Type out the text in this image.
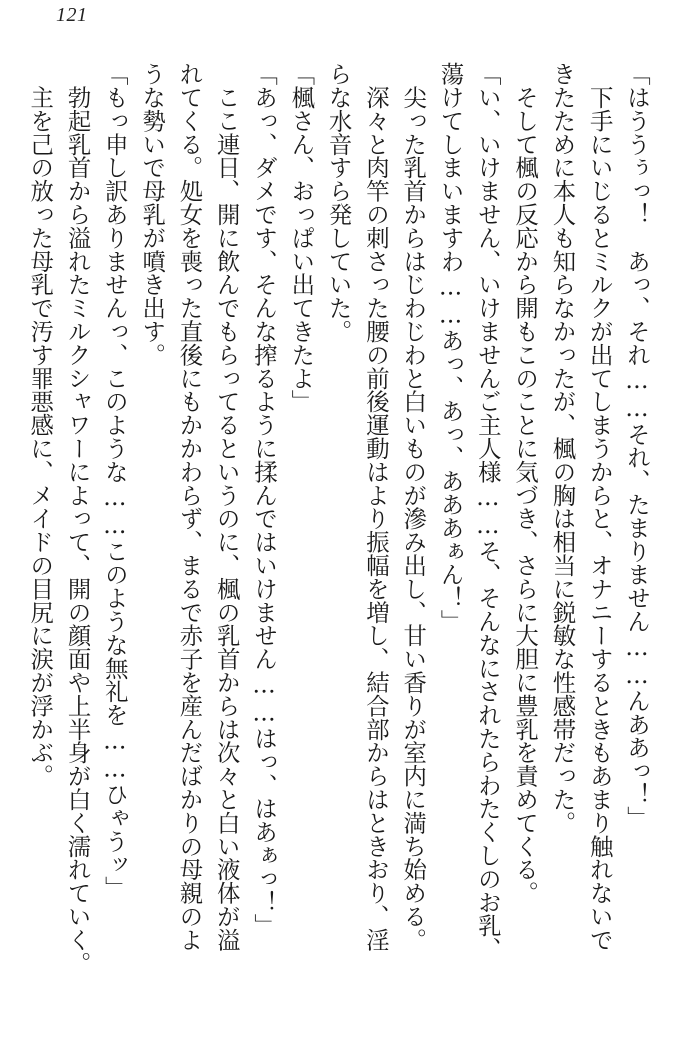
121
「はううぅっ！　あっ、それ……それ、たまりません……んああっ！」
　下手にいじるとミルクが出てしまうからと、オナニーするときもあまり触れないで
きたために本人も知らなかったが、楓の胸は相当に鋭敏な性感帯だった。
　そして楓の反応から開もこのことに気づき、さらに大胆に豊乳を責めてくる。
「い、いけません、いけませんご主人様……そ、そんなにされたらわたくしのお乳、
蕩けてしまいますわ……あっ、あっ、あああぁん！」
　尖った乳首からはじわじわと白いものが滲み出し、甘い香りが室内に満ち始める。
　深々と肉竿の刺さった腰の前後運動はより振幅を増し、結合部からはときおり、淫
らな水音すら発していた。
「楓さん、おっぱい出てきたよ」
「あっ、ダメです、そんな搾るように揉んではいけません……はっ、はあぁっ！」
　ここ連日、開に飲んでもらってるというのに、楓の乳首からは次々と白い液体が溢
れてくる。処女を喪った直後にもかかわらず、まるで赤子を産んだばかりの母親のよ
うな勢いで母乳が噴き出す。
「もっ申し訳ありませんっ、このような……このような無礼を……ひゃうッ」
　勃起乳首から溢れたミルクシャワーによって、開の顔面や上半身が白く濡れていく。
　主を己の放った母乳で汚す罪悪感に、メイドの目尻に涙が浮かぶ。
